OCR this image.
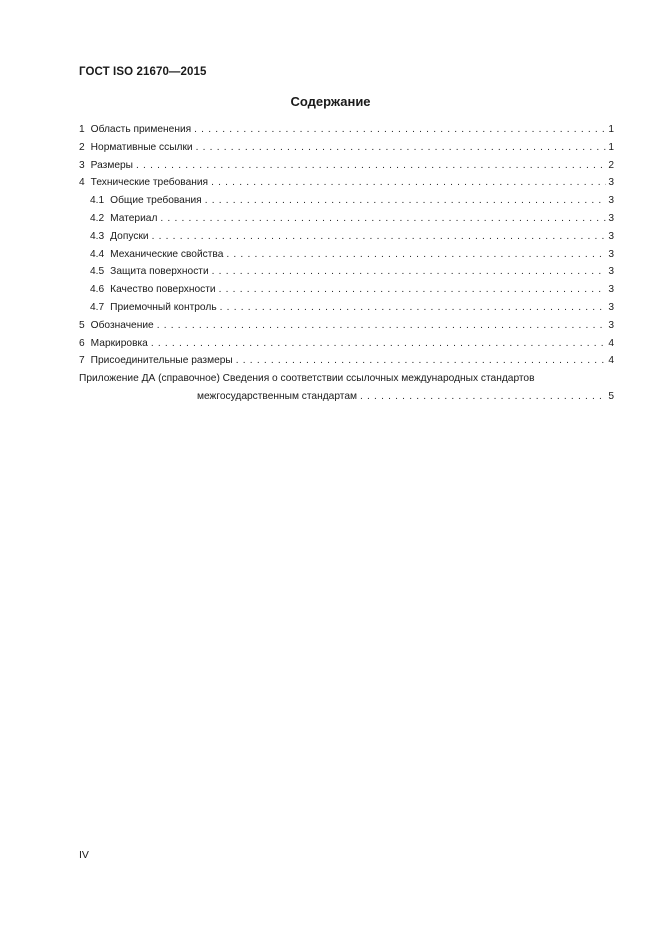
ГОСТ ISO 21670—2015
Содержание
1 Область применения .....	1
2 Нормативные ссылки .....	1
3 Размеры .....	2
4 Технические требования .....	3
4.1 Общие требования .....	3
4.2 Материал .....	3
4.3 Допуски .....	3
4.4 Механические свойства .....	3
4.5 Защита поверхности .....	3
4.6 Качество поверхности .....	3
4.7 Приемочный контроль .....	3
5 Обозначение .....	3
6 Маркировка .....	4
7 Присоединительные размеры .....	4
Приложение ДА (справочное) Сведения о соответствии ссылочных международных стандартов
межгосударственным стандартам .....	5
IV
